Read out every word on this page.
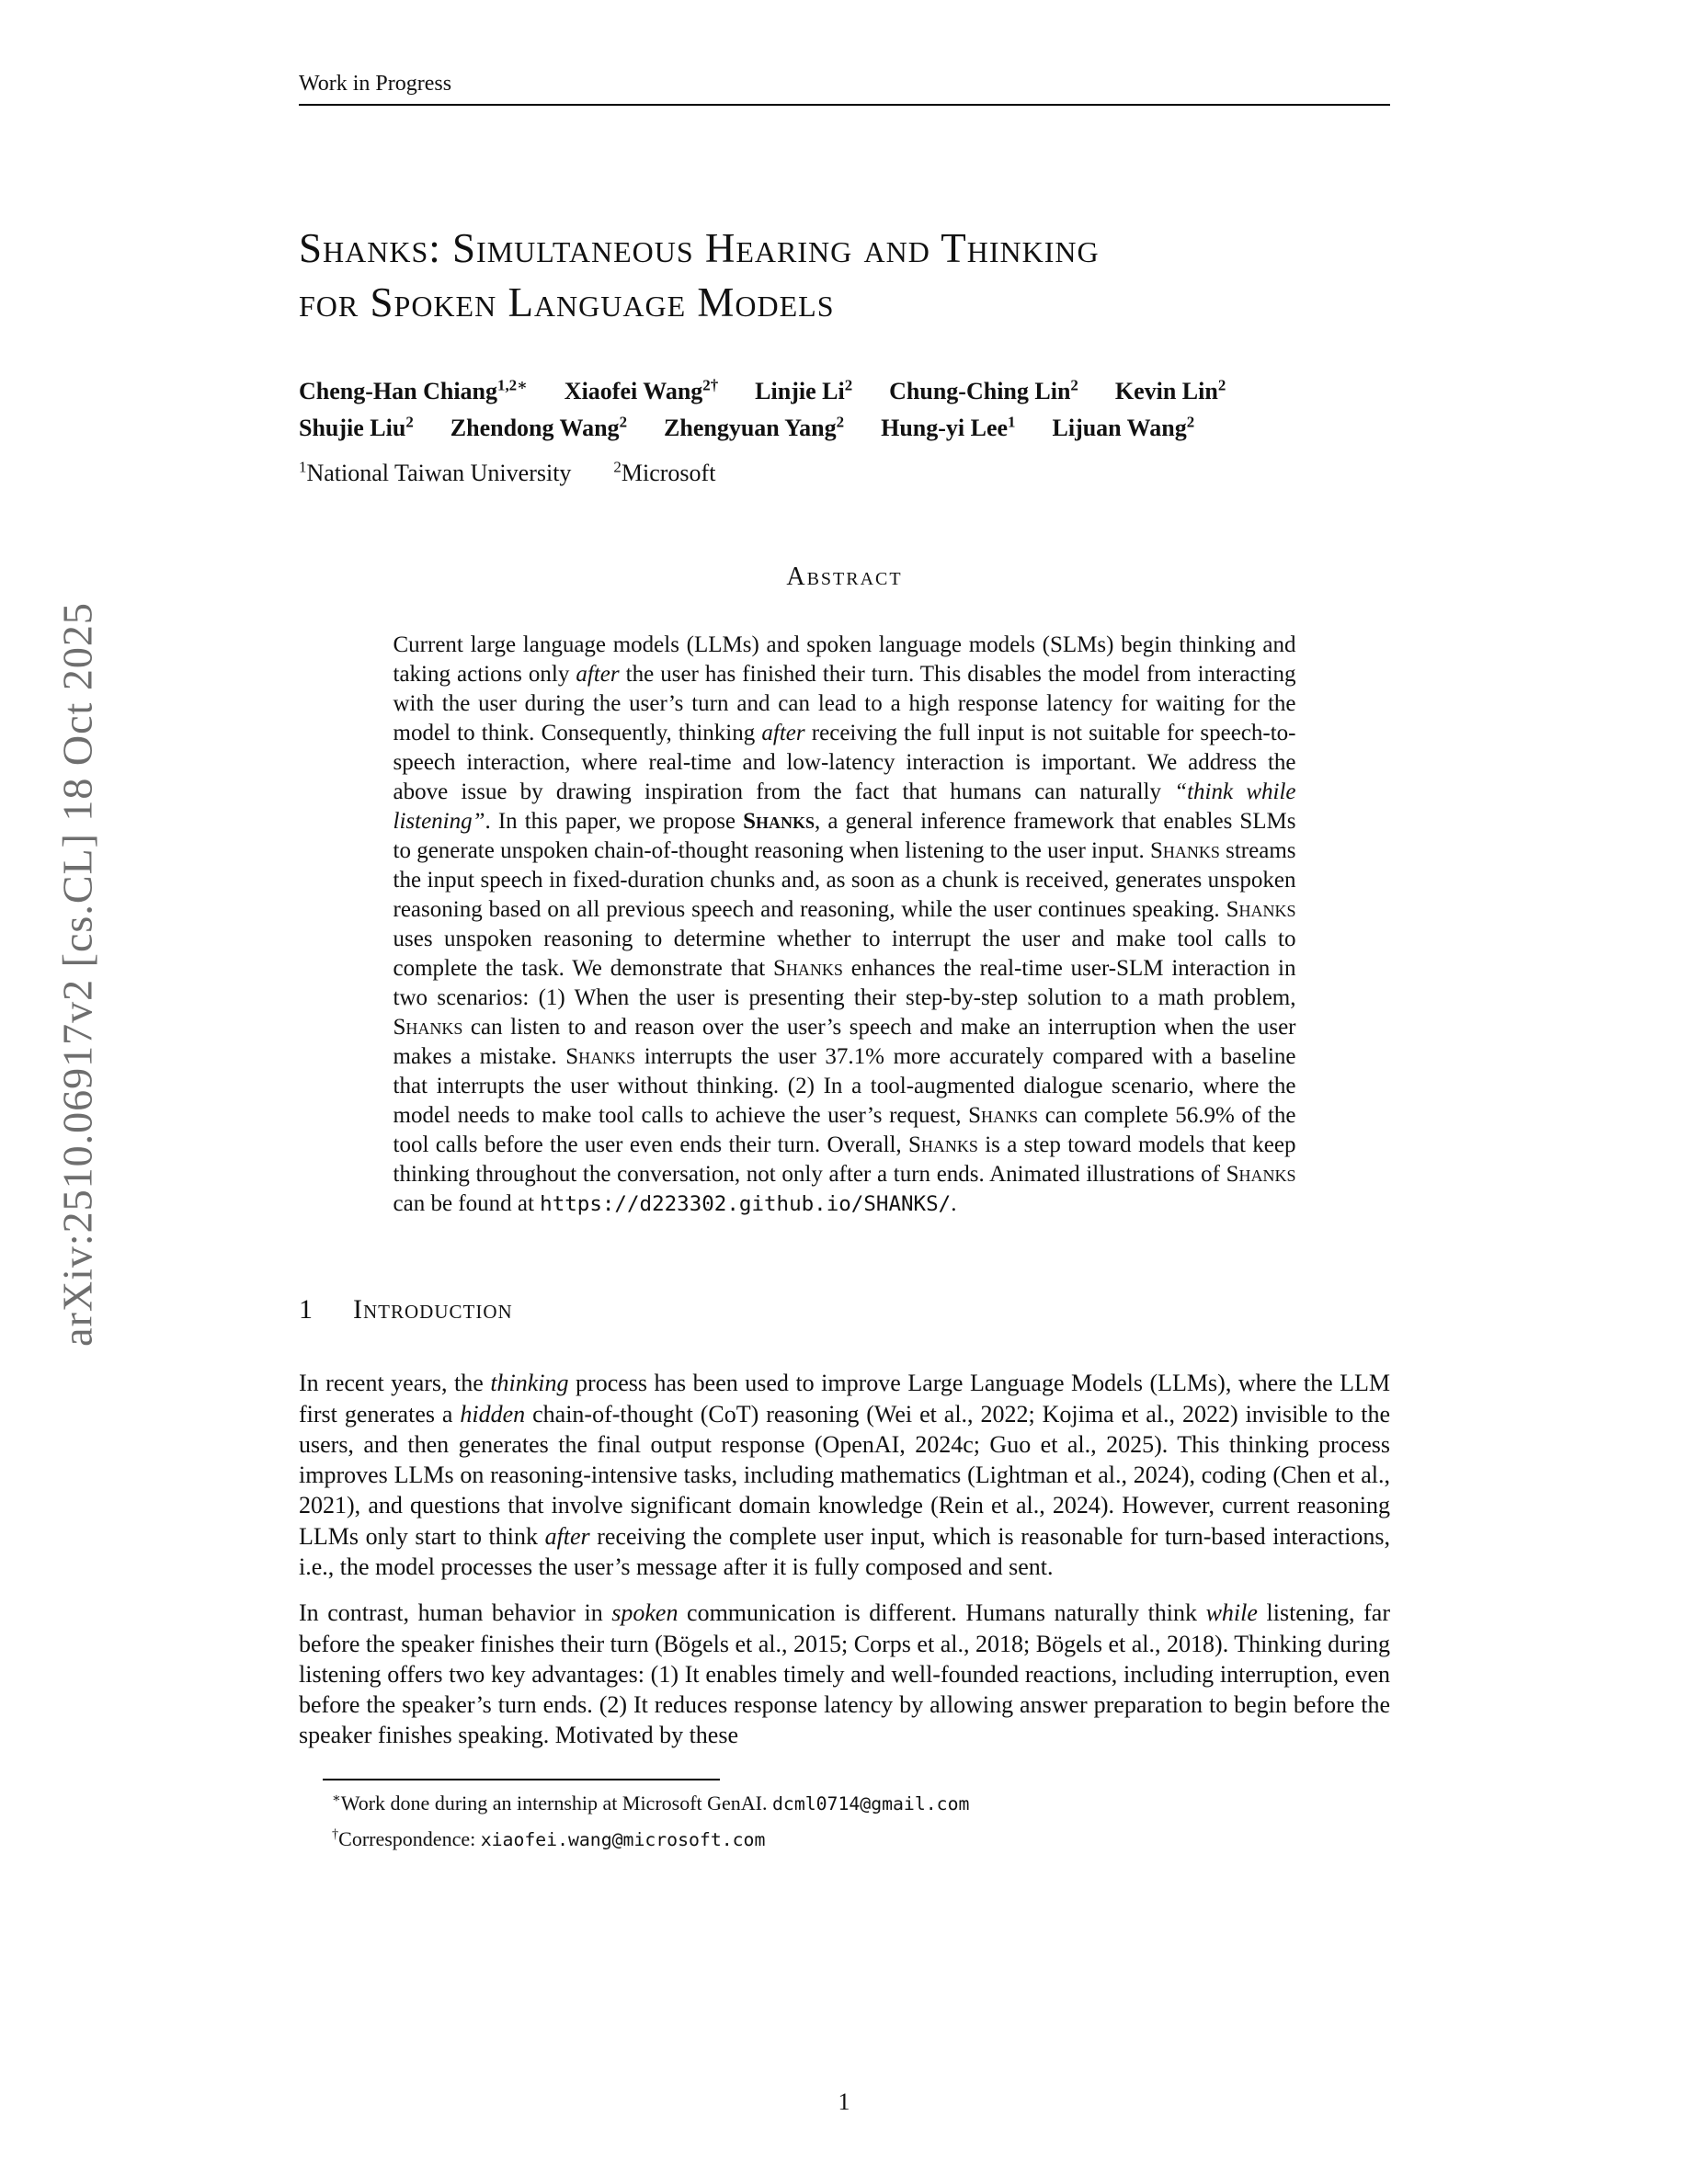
arXiv:2510.06917v2 [cs.CL] 18 Oct 2025
Work in Progress
Shanks: Simultaneous Hearing and Thinking
for Spoken Language Models
Cheng-Han Chiang$^{1,2∗}$ Xiaofei Wang$^{2\dagger}$ Linjie Li$^2$ Chung-Ching Lin$^2$ Kevin Lin$^2$
Shujie Liu$^2$ Zhendong Wang$^2$ Zhengyuan Yang$^2$ Hung-yi Lee$^1$ Lijuan Wang$^2$
$^1$National Taiwan University	$^2$Microsoft
Abstract

Current large language models (LLMs) and spoken language models (SLMs) begin thinking and taking actions only after the user has finished their turn. This disables the model from interacting with the user during the user’s turn and can lead to a high response latency for waiting for the model to think. Consequently, thinking after receiving the full input is not suitable for speech-to-speech interaction, where real-time and low-latency interaction is important. We address the above issue by drawing inspiration from the fact that humans can naturally “think while listening”. In this paper, we propose Shanks, a general inference framework that enables SLMs to generate unspoken chain-of-thought reasoning when listening to the user input. Shanks streams the input speech in fixed-duration chunks and, as soon as a chunk is received, generates unspoken reasoning based on all previous speech and reasoning, while the user continues speaking. Shanks uses unspoken reasoning to determine whether to interrupt the user and make tool calls to complete the task. We demonstrate that Shanks enhances the real-time user-SLM interaction in two scenarios: (1) When the user is presenting their step-by-step solution to a math problem, Shanks can listen to and reason over the user’s speech and make an interruption when the user makes a mistake. Shanks interrupts the user 37.1% more accurately compared with a baseline that interrupts the user without thinking. (2) In a tool-augmented dialogue scenario, where the model needs to make tool calls to achieve the user’s request, Shanks can complete 56.9% of the tool calls before the user even ends their turn. Overall, Shanks is a step toward models that keep thinking throughout the conversation, not only after a turn ends. Animated illustrations of Shanks can be found at https://d223302.github.io/SHANKS/.

1 Introduction

In recent years, the thinking process has been used to improve Large Language Models (LLMs), where the LLM first generates a hidden chain-of-thought (CoT) reasoning (Wei et al., 2022; Kojima et al., 2022) invisible to the users, and then generates the final output response (OpenAI, 2024c; Guo et al., 2025). This thinking process improves LLMs on reasoning-intensive tasks, including mathematics (Lightman et al., 2024), coding (Chen et al., 2021), and questions that involve significant domain knowledge (Rein et al., 2024). However, current reasoning LLMs only start to think after receiving the complete user input, which is reasonable for turn-based interactions, i.e., the model processes the user’s message after it is fully composed and sent.

In contrast, human behavior in spoken communication is different. Humans naturally think while listening, far before the speaker finishes their turn (Bögels et al., 2015; Corps et al., 2018; Bögels et al., 2018). Thinking during listening offers two key advantages: (1) It enables timely and well-founded reactions, including interruption, even before the speaker’s turn ends. (2) It reduces response latency by allowing answer preparation to begin before the speaker finishes speaking. Motivated by these

∗Work done during an internship at Microsoft GenAI. dcml0714@gmail.com

†Correspondence: xiaofei.wang@microsoft.com

1
